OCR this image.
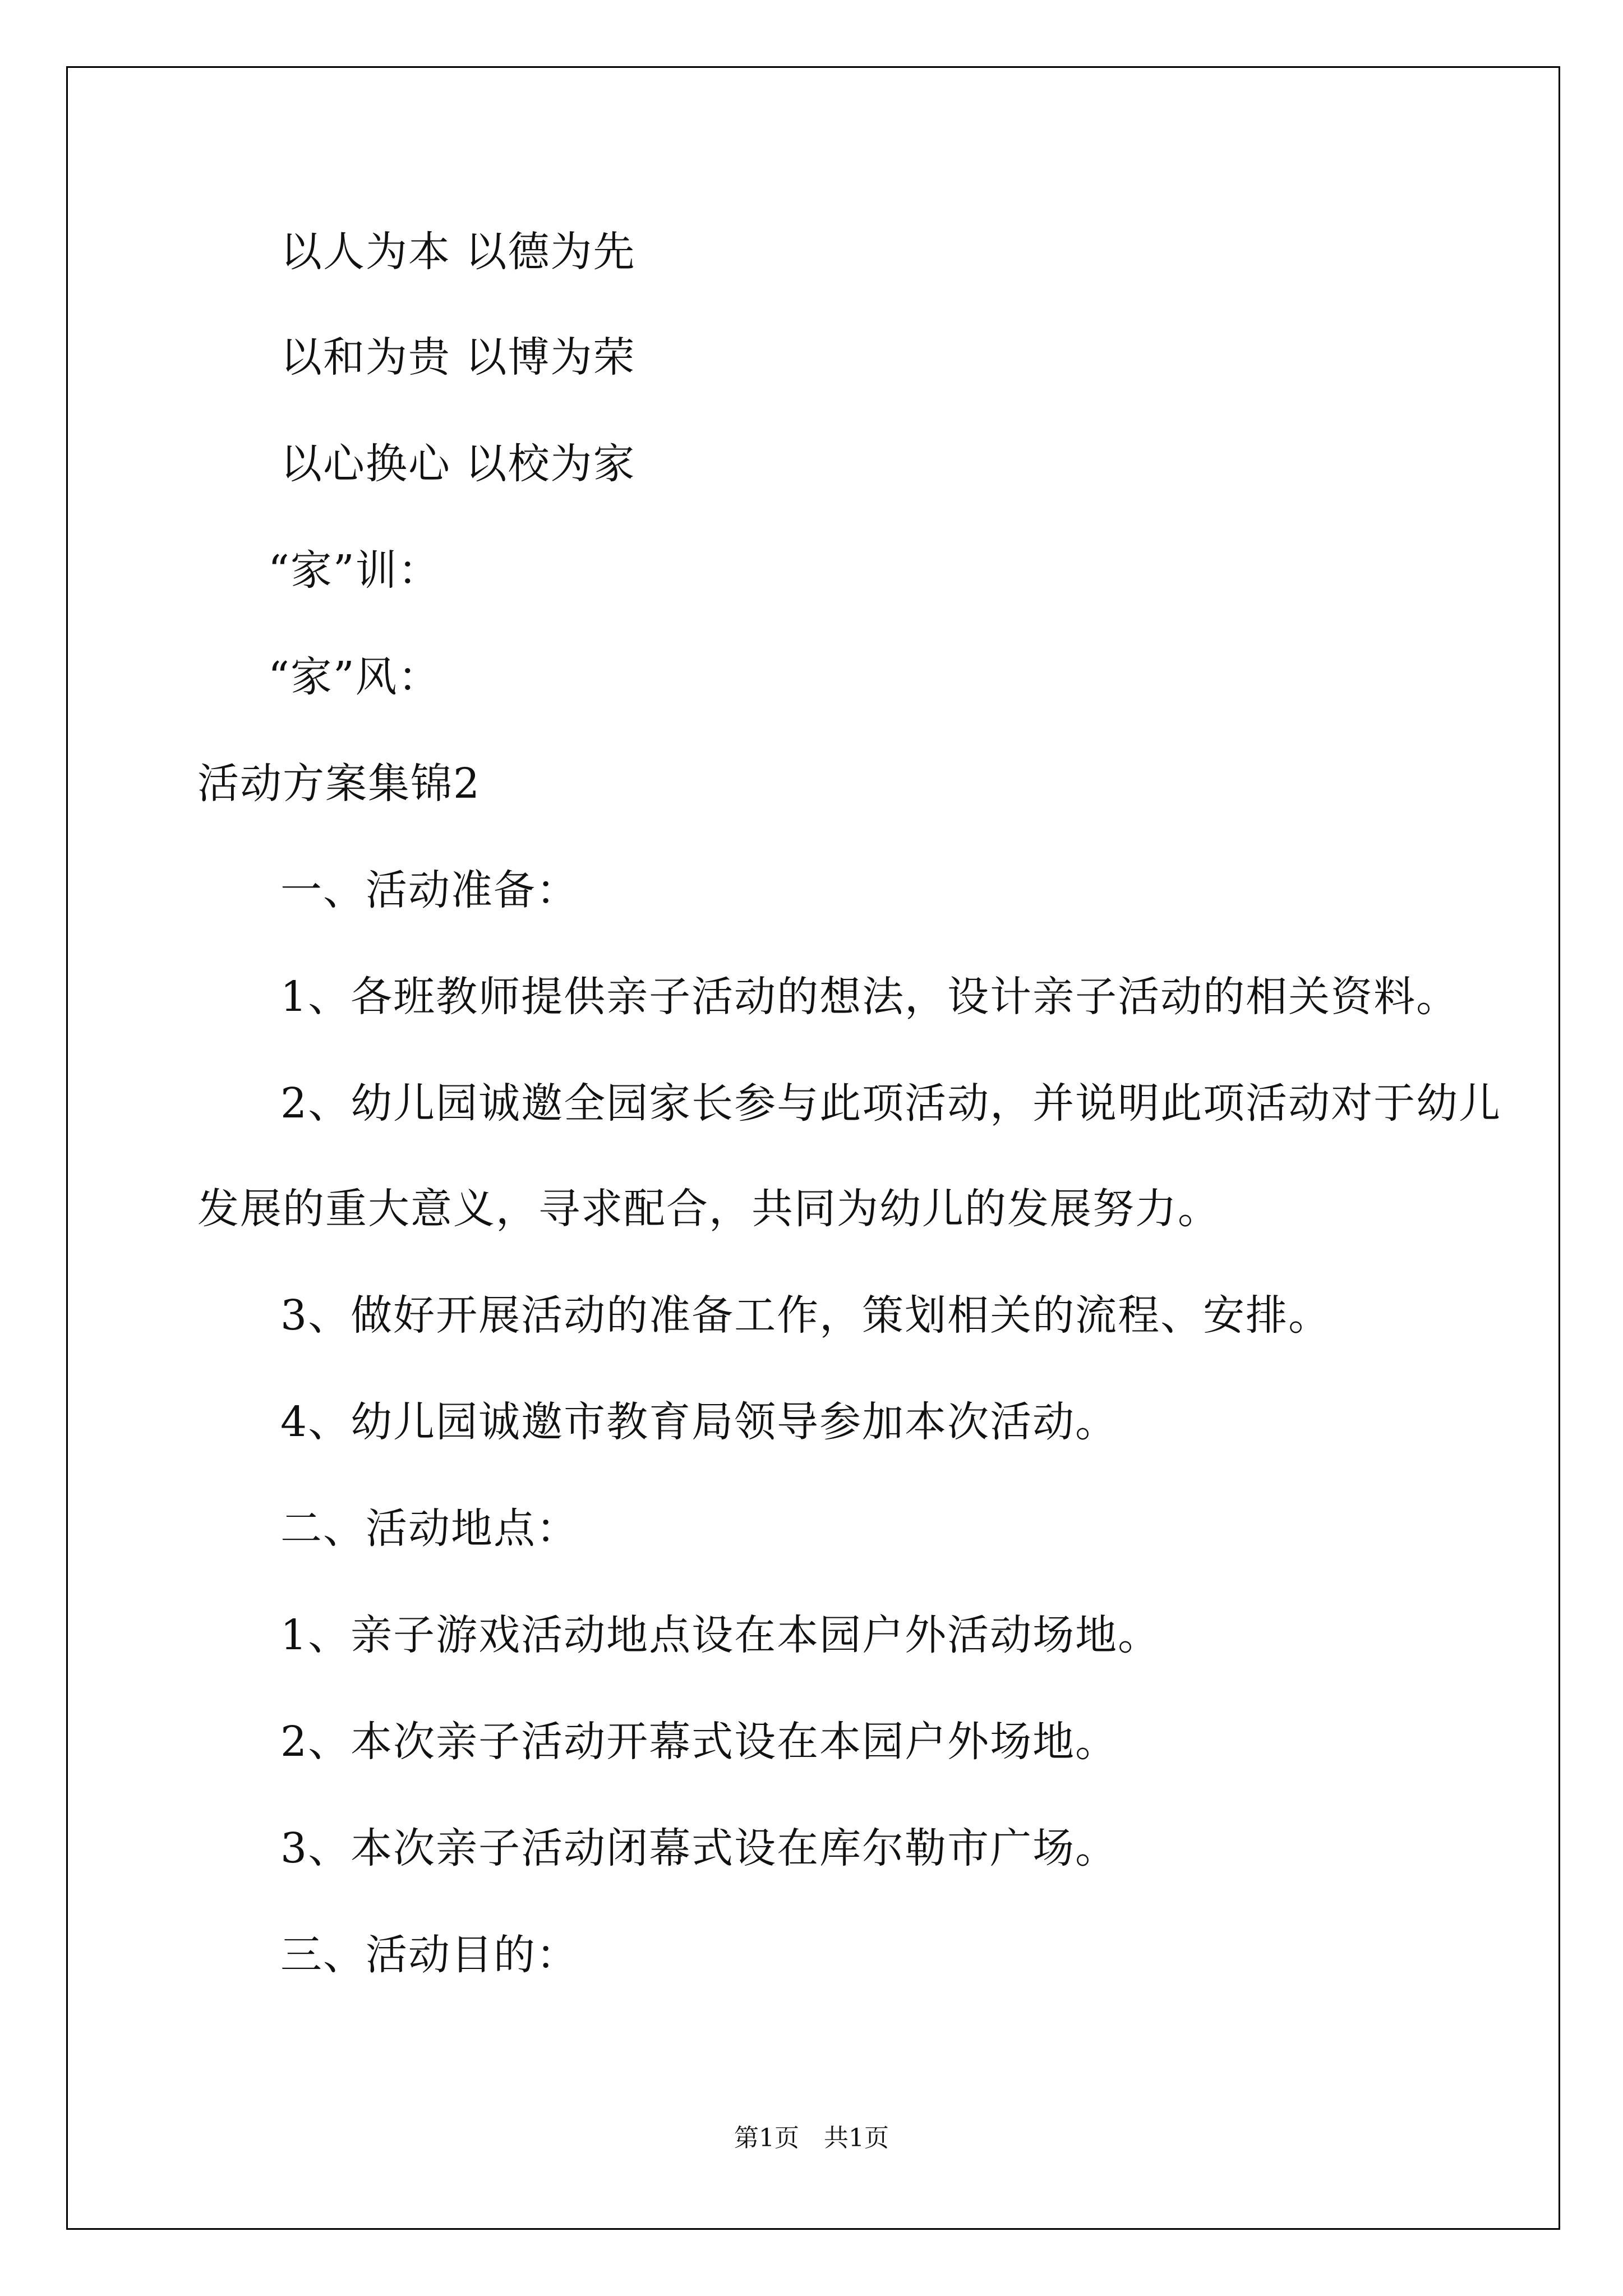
以人为本 以德为先
以和为贵 以博为荣
以心换心 以校为家
“家”训：
“家”风：
活动方案集锦2
一、活动准备：
1、各班教师提供亲子活动的想法，设计亲子活动的相关资料。
2、幼儿园诚邀全园家长参与此项活动，并说明此项活动对于幼儿
发展的重大意义，寻求配合，共同为幼儿的发展努力。
3、做好开展活动的准备工作，策划相关的流程、安排。
4、幼儿园诚邀市教育局领导参加本次活动。
二、活动地点：
1、亲子游戏活动地点设在本园户外活动场地。
2、本次亲子活动开幕式设在本园户外场地。
3、本次亲子活动闭幕式设在库尔勒市广场。
三、活动目的：
第1页　共1页
